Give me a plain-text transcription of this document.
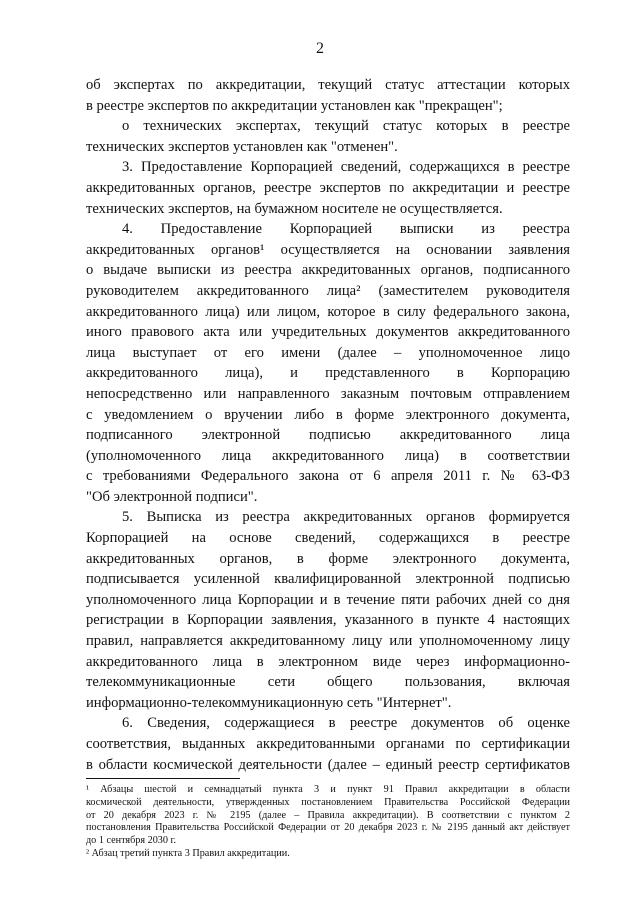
2
об экспертах по аккредитации, текущий статус аттестации которых
в реестре экспертов по аккредитации установлен как "прекращен";
о технических экспертах, текущий статус которых в реестре
технических экспертов установлен как "отменен".
3. Предоставление Корпорацией сведений, содержащихся в реестре
аккредитованных органов, реестре экспертов по аккредитации и реестре
технических экспертов, на бумажном носителе не осуществляется.
4. Предоставление Корпорацией выписки из реестра
аккредитованных органов¹ осуществляется на основании заявления
о выдаче выписки из реестра аккредитованных органов, подписанного
руководителем аккредитованного лица² (заместителем руководителя
аккредитованного лица) или лицом, которое в силу федерального закона,
иного правового акта или учредительных документов аккредитованного
лица выступает от его имени (далее – уполномоченное лицо
аккредитованного лица), и представленного в Корпорацию
непосредственно или направленного заказным почтовым отправлением
с уведомлением о вручении либо в форме электронного документа,
подписанного электронной подписью аккредитованного лица
(уполномоченного лица аккредитованного лица) в соответствии
с требованиями Федерального закона от 6 апреля 2011 г. № 63-ФЗ
"Об электронной подписи".
5. Выписка из реестра аккредитованных органов формируется
Корпорацией на основе сведений, содержащихся в реестре
аккредитованных органов, в форме электронного документа,
подписывается усиленной квалифицированной электронной подписью
уполномоченного лица Корпорации и в течение пяти рабочих дней со дня
регистрации в Корпорации заявления, указанного в пункте 4 настоящих
правил, направляется аккредитованному лицу или уполномоченному лицу
аккредитованного лица в электронном виде через информационно-
телекоммуникационные сети общего пользования, включая
информационно-телекоммуникационную сеть "Интернет".
6. Сведения, содержащиеся в реестре документов об оценке
соответствия, выданных аккредитованными органами по сертификации
в области космической деятельности (далее – единый реестр сертификатов
¹ Абзацы шестой и семнадцатый пункта 3 и пункт 91 Правил аккредитации в области
космической деятельности, утвержденных постановлением Правительства Российской Федерации
от 20 декабря 2023 г. № 2195 (далее – Правила аккредитации). В соответствии с пунктом 2
постановления Правительства Российской Федерации от 20 декабря 2023 г. № 2195 данный акт действует
до 1 сентября 2030 г.
² Абзац третий пункта 3 Правил аккредитации.
